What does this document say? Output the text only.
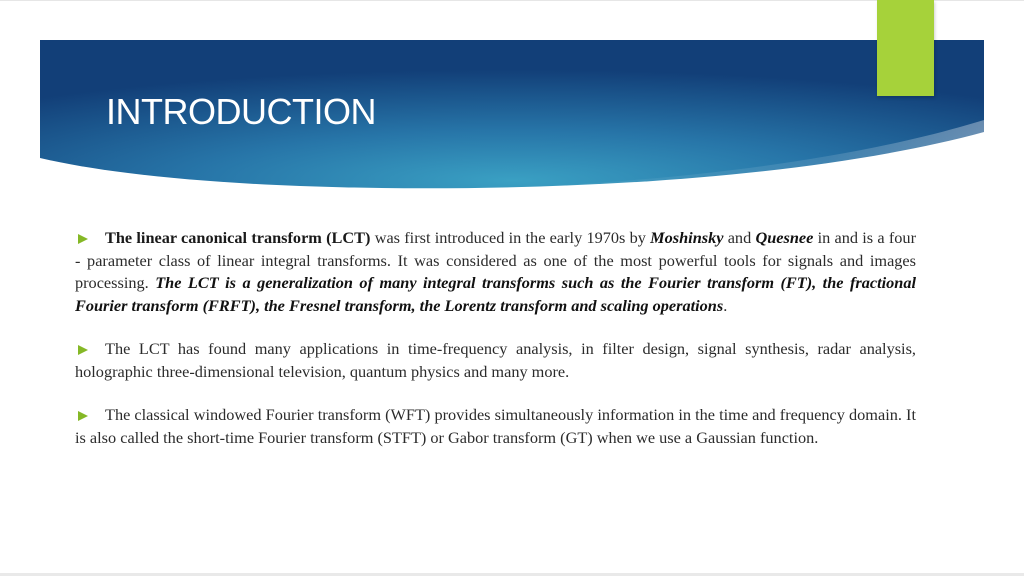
INTRODUCTION

The linear canonical transform (LCT) was first introduced in the early 1970s by Moshinsky and Quesnee in and is a four - parameter class of linear integral transforms. It was considered as one of the most powerful tools for signals and images processing. The LCT is a generalization of many integral transforms such as the Fourier transform (FT), the fractional Fourier transform (FRFT), the Fresnel transform, the Lorentz transform and scaling operations.

The LCT has found many applications in time-frequency analysis, in filter design, signal synthesis, radar analysis, holographic three-dimensional television, quantum physics and many more.

The classical windowed Fourier transform (WFT) provides simultaneously information in the time and frequency domain. It is also called the short-time Fourier transform (STFT) or Gabor transform (GT) when we use a Gaussian function.
